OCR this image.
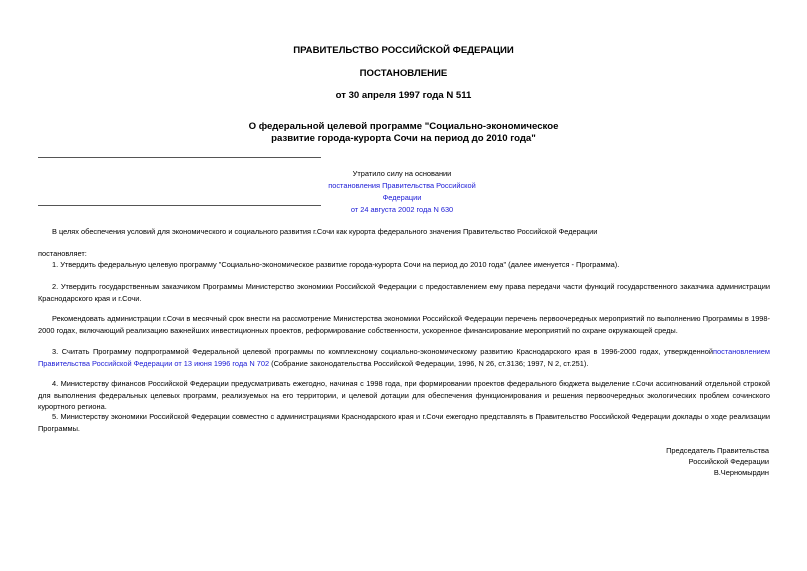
ПРАВИТЕЛЬСТВО РОССИЙСКОЙ ФЕДЕРАЦИИ
ПОСТАНОВЛЕНИЕ
от 30 апреля 1997 года N 511
О федеральной целевой программе "Социально-экономическое
развитие города-курорта Сочи на период до 2010 года"
Утратило силу на основании
постановления Правительства Российской Федерации
от 24 августа 2002 года N 630

В целях обеспечения условий для экономического и социального развития г.Сочи как курорта федерального значения Правительство Российской Федерации

постановляет:

1. Утвердить федеральную целевую программу "Социально-экономическое развитие города-курорта Сочи на период до 2010 года" (далее именуется - Программа).

2. Утвердить государственным заказчиком Программы Министерство экономики Российской Федерации с предоставлением ему права передачи части функций государственного заказчика администрации Краснодарского края и г.Сочи.

Рекомендовать администрации г.Сочи в месячный срок внести на рассмотрение Министерства экономики Российской Федерации перечень первоочередных мероприятий по выполнению Программы в 1998-2000 годах, включающий реализацию важнейших инвестиционных проектов, реформирование собственности, ускоренное финансирование мероприятий по охране окружающей среды.

3. Считать Программу подпрограммой Федеральной целевой программы по комплексному социально-экономическому развитию Краснодарского края в 1996-2000 годах, утвержденнойпостановлением Правительства Российской Федерации от 13 июня 1996 года N 702 (Собрание законодательства Российской Федерации, 1996, N 26, ст.3136; 1997, N 2, ст.251).

4. Министерству финансов Российской Федерации предусматривать ежегодно, начиная с 1998 года, при формировании проектов федерального бюджета выделение г.Сочи ассигнований отдельной строкой для выполнения федеральных целевых программ, реализуемых на его территории, и целевой дотации для обеспечения функционирования и решения первоочередных экологических проблем сочинского курортного региона.

5. Министерству экономики Российской Федерации совместно с администрациями Краснодарского края и г.Сочи ежегодно представлять в Правительство Российской Федерации доклады о ходе реализации Программы.

Председатель Правительства
Российской Федерации
В.Черномырдин
